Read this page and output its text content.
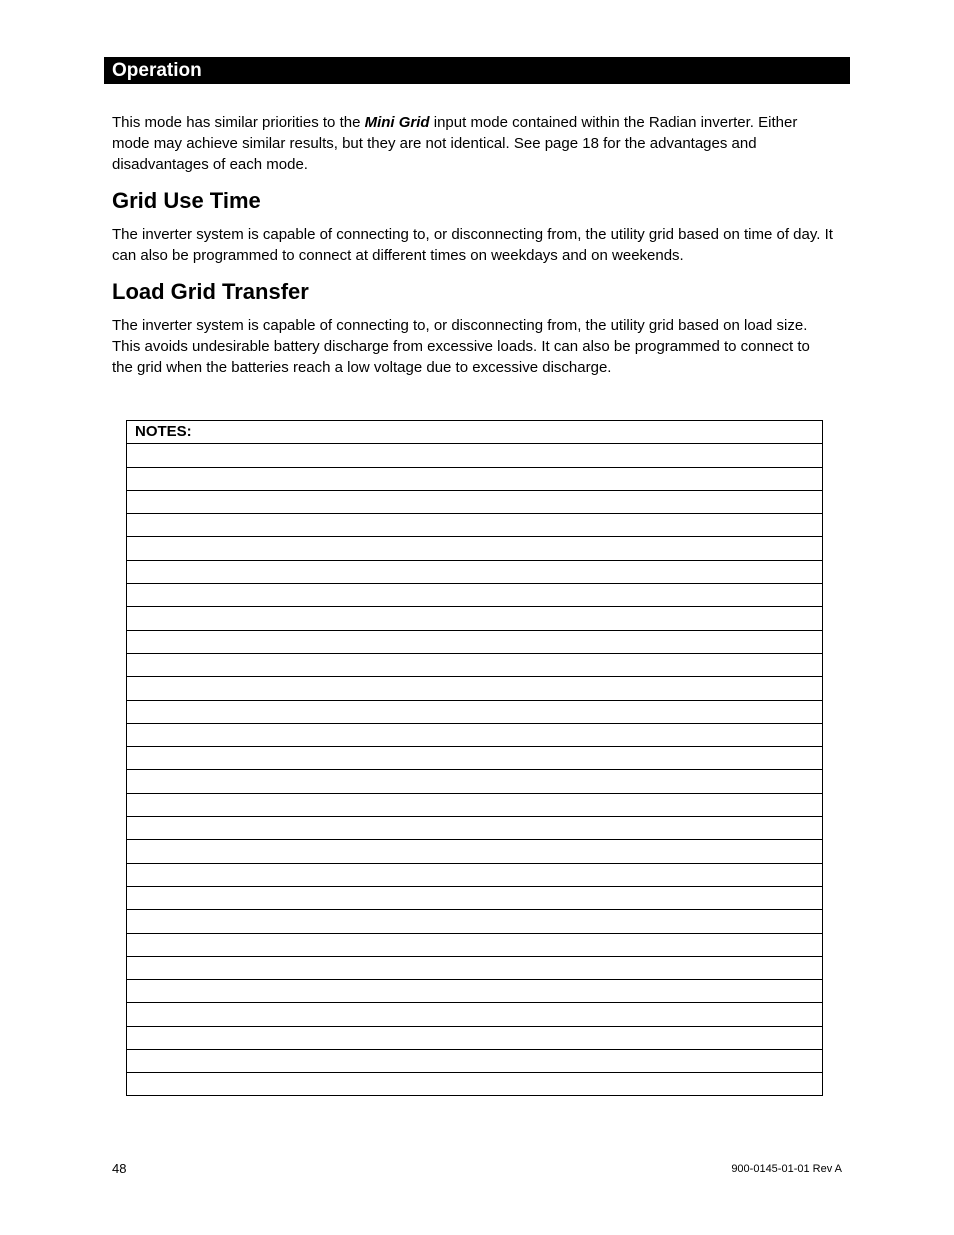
Operation

This mode has similar priorities to the Mini Grid input mode contained within the Radian inverter. Either mode may achieve similar results, but they are not identical. See page 18 for the advantages and disadvantages of each mode.

Grid Use Time

The inverter system is capable of connecting to, or disconnecting from, the utility grid based on time of day. It can also be programmed to connect at different times on weekdays and on weekends.

Load Grid Transfer

The inverter system is capable of connecting to, or disconnecting from, the utility grid based on load size. This avoids undesirable battery discharge from excessive loads. It can also be programmed to connect to the grid when the batteries reach a low voltage due to excessive discharge.

NOTES:
48	900-0145-01-01 Rev A
